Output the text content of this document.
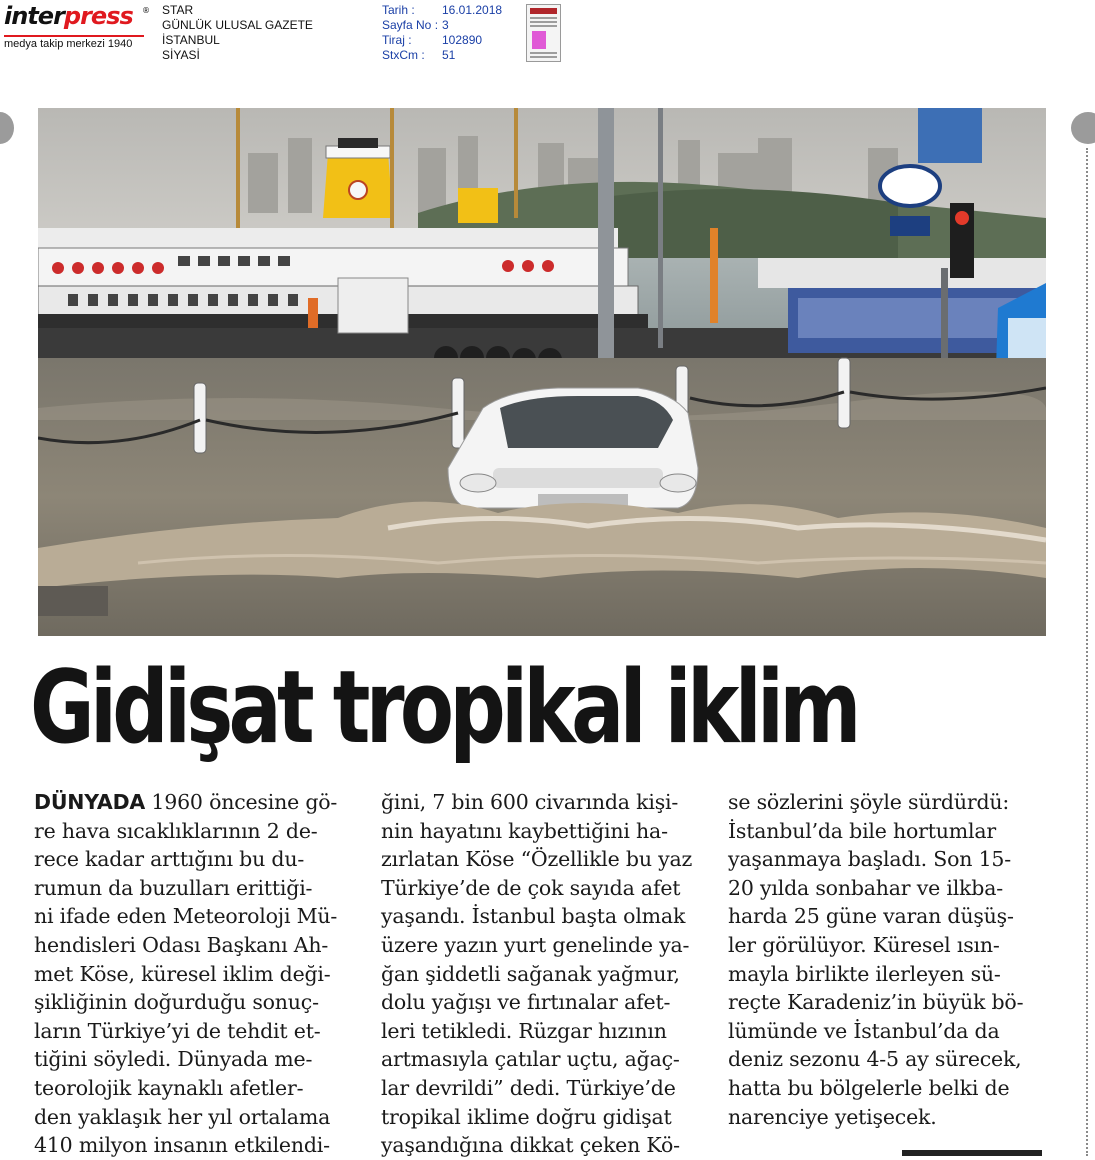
interpress ®
medya takip merkezi 1940
STAR
GÜNLÜK ULUSAL GAZETE
İSTANBUL
SİYASİ
Tarih : 16.01.2018
Sayfa No : 3
Tiraj :	102890
StxCm : 51
Gidişat tropikal iklim
DÜNYADA 1960 öncesine gö-
re hava sıcaklıklarının 2 de-
rece kadar arttığını bu du-
rumun da buzulları erittiği-
ni ifade eden Meteoroloji Mü-
hendisleri Odası Başkanı Ah-
met Köse, küresel iklim deği-
şikliğinin doğurduğu sonuç-
ların Türkiye’yi de tehdit et-
tiğini söyledi. Dünyada me-
teorolojik kaynaklı afetler-
den yaklaşık her yıl ortalama
410 milyon insanın etkilendi-
ğini, 7 bin 600 civarında kişi-
nin hayatını kaybettiğini ha-
zırlatan Köse “Özellikle bu yaz
Türkiye’de de çok sayıda afet
yaşandı. İstanbul başta olmak
üzere yazın yurt genelinde ya-
ğan şiddetli sağanak yağmur,
dolu yağışı ve fırtınalar afet-
leri tetikledi. Rüzgar hızının
artmasıyla çatılar uçtu, ağaç-
lar devrildi” dedi. Türkiye’de
tropikal iklime doğru gidişat
yaşandığına dikkat çeken Kö-
se sözlerini şöyle sürdürdü:
İstanbul’da bile hortumlar
yaşanmaya başladı. Son 15-
20 yılda sonbahar ve ilkba-
harda 25 güne varan düşüş-
ler görülüyor. Küresel ısın-
mayla birlikte ilerleyen sü-
reçte Karadeniz’in büyük bö-
lümünde ve İstanbul’da da
deniz sezonu 4-5 ay sürecek,
hatta bu bölgelerle belki de
narenciye yetişecek.
